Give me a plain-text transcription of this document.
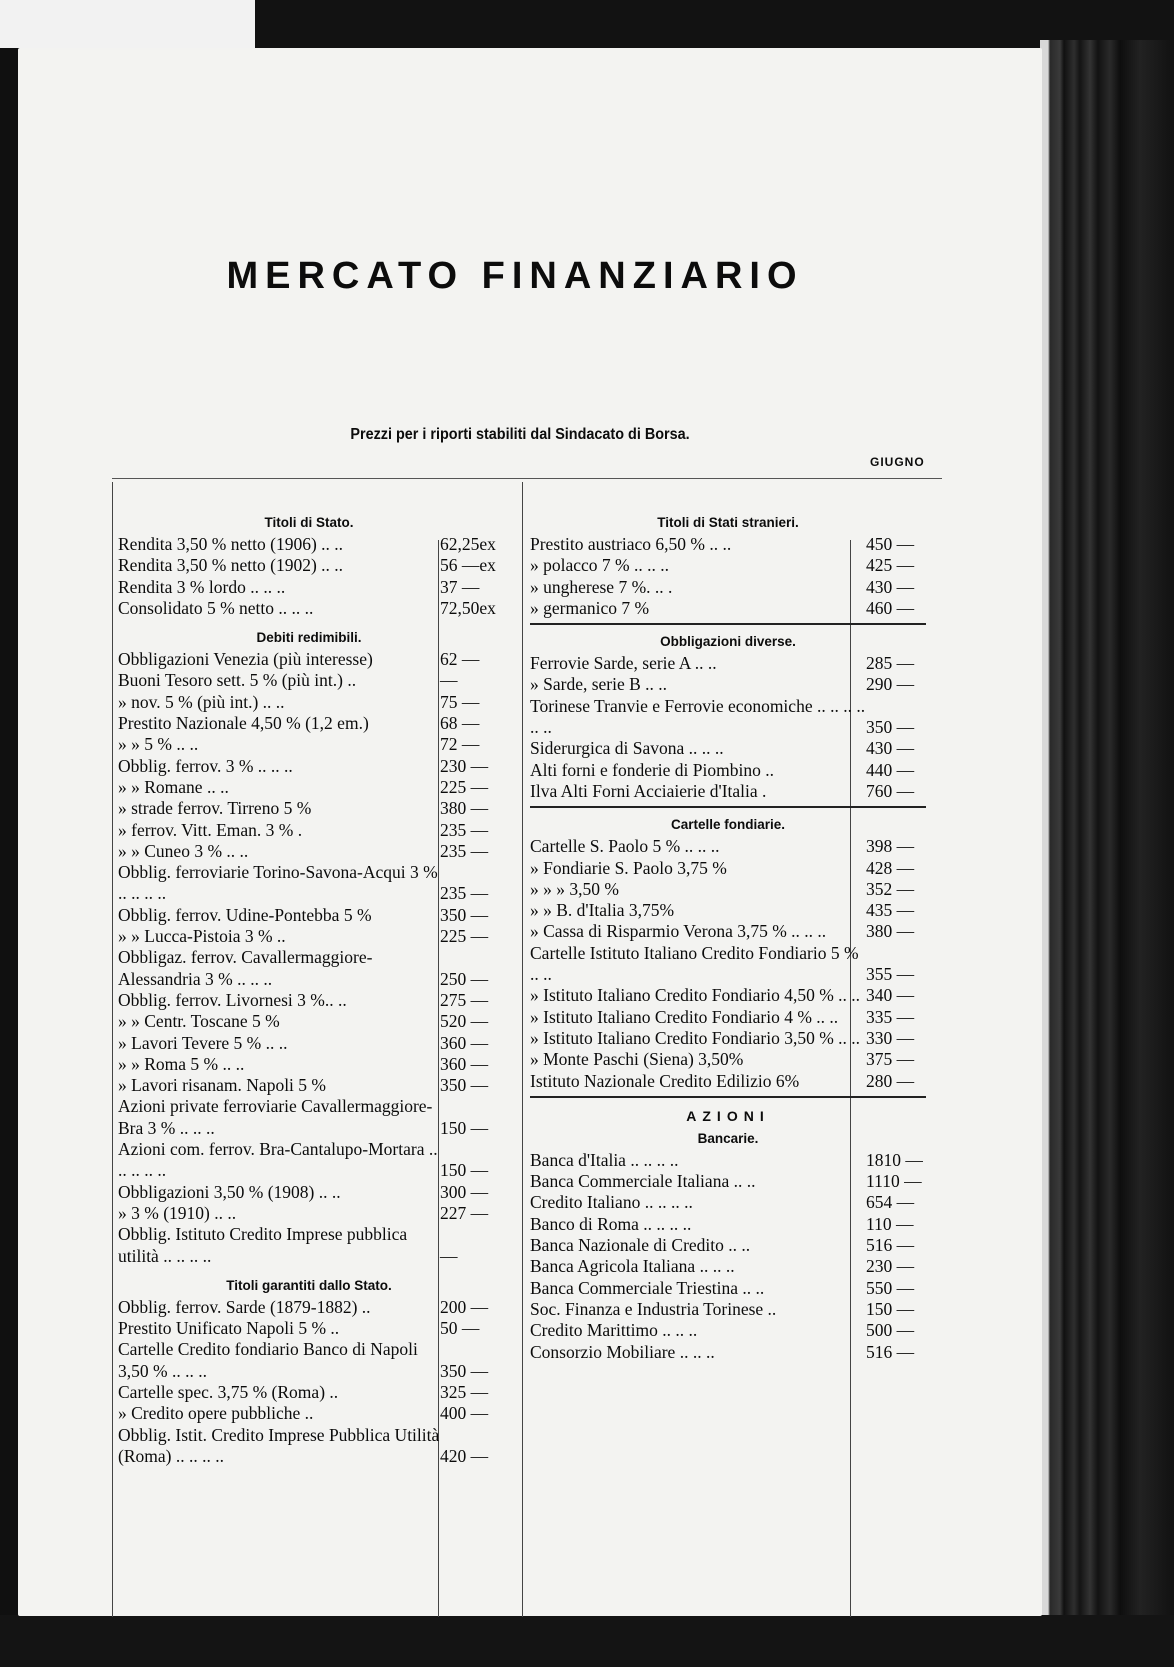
MERCATO FINANZIARIO
Prezzi per i riporti stabiliti dal Sindacato di Borsa.
GIUGNO
Titoli di Stato.
Rendita 3,50 % netto (1906) .. ..	62,25ex
Rendita 3,50 % netto (1902) .. ..	56 —ex
Rendita 3 % lordo .. .. ..	37 —
Consolidato 5 % netto .. .. ..	72,50ex
Debiti redimibili.
Obbligazioni Venezia (più interesse)	62 —
Buoni Tesoro sett. 5 % (più int.) ..	—
» nov. 5 % (più int.) .. ..	75 —
Prestito Nazionale 4,50 % (1,2 em.)	68 —
» » 5 % .. ..	72 —
Obblig. ferrov. 3 % .. .. ..	230 —
» » Romane .. ..	225 —
» strade ferrov. Tirreno 5 %	380 —
» ferrov. Vitt. Eman. 3 % .	235 —
» » Cuneo 3 % .. ..	235 —
Obblig. ferroviarie Torino-Savona-Acqui 3 % .. .. .. ..	235 —
Obblig. ferrov. Udine-Pontebba 5 %	350 —
» » Lucca-Pistoia 3 % ..	225 —
Obbligaz. ferrov. Cavallermaggiore-Alessandria 3 % .. .. ..	250 —
Obblig. ferrov. Livornesi 3 %.. ..	275 —
» » Centr. Toscane 5 %	520 —
» Lavori Tevere 5 % .. ..	360 —
» » Roma 5 % .. ..	360 —
» Lavori risanam. Napoli 5 %	350 —
Azioni private ferroviarie Cavallermaggiore-Bra 3 % .. .. ..	150 —
Azioni com. ferrov. Bra-Cantalupo-Mortara .. .. .. .. ..	150 —
Obbligazioni 3,50 % (1908) .. ..	300 —
» 3 % (1910) .. ..	227 —
Obblig. Istituto Credito Imprese pubblica utilità .. .. .. ..	—
Titoli garantiti dallo Stato.
Obblig. ferrov. Sarde (1879-1882) ..	200 —
Prestito Unificato Napoli 5 % ..	50 —
Cartelle Credito fondiario Banco di Napoli 3,50 % .. .. ..	350 —
Cartelle spec. 3,75 % (Roma) ..	325 —
» Credito opere pubbliche ..	400 —
Obblig. Istit. Credito Imprese Pubblica Utilità (Roma) .. .. .. ..	420 —
Titoli di Stati stranieri.
Prestito austriaco 6,50 % .. ..	450 —
» polacco 7 % .. .. ..	425 —
» ungherese 7 %. .. .	430 —
» germanico 7 %	460 —
Obbligazioni diverse.
Ferrovie Sarde, serie A .. ..	285 —
» Sarde, serie B .. ..	290 —
Torinese Tranvie e Ferrovie economiche .. .. .. .. .. ..	350 —
Siderurgica di Savona .. .. ..	430 —
Alti forni e fonderie di Piombino ..	440 —
Ilva Alti Forni Acciaierie d'Italia .	760 —
Cartelle fondiarie.
Cartelle S. Paolo 5 % .. .. ..	398 —
» Fondiarie S. Paolo 3,75 %	428 —
» » » 3,50 %	352 —
» » B. d'Italia 3,75%	435 —
» Cassa di Risparmio Verona 3,75 % .. .. ..	380 —
Cartelle Istituto Italiano Credito Fondiario 5 % .. ..	355 —
» Istituto Italiano Credito Fondiario 4,50 % .. .. 340 —
» Istituto Italiano Credito Fondiario 4 % .. ..	335 —
» Istituto Italiano Credito Fondiario 3,50 % .. .. 330 —
» Monte Paschi (Siena) 3,50%	375 —
Istituto Nazionale Credito Edilizio 6%	280 —
AZIONI
Bancarie.
Banca d'Italia .. .. .. ..	1810 —
Banca Commerciale Italiana .. ..	1110 —
Credito Italiano .. .. .. ..	654 —
Banco di Roma .. .. .. ..	110 —
Banca Nazionale di Credito .. ..	516 —
Banca Agricola Italiana .. .. ..	230 —
Banca Commerciale Triestina .. ..	550 —
Soc. Finanza e Industria Torinese ..	150 —
Credito Marittimo .. .. ..	500 —
Consorzio Mobiliare .. .. ..	516 —
